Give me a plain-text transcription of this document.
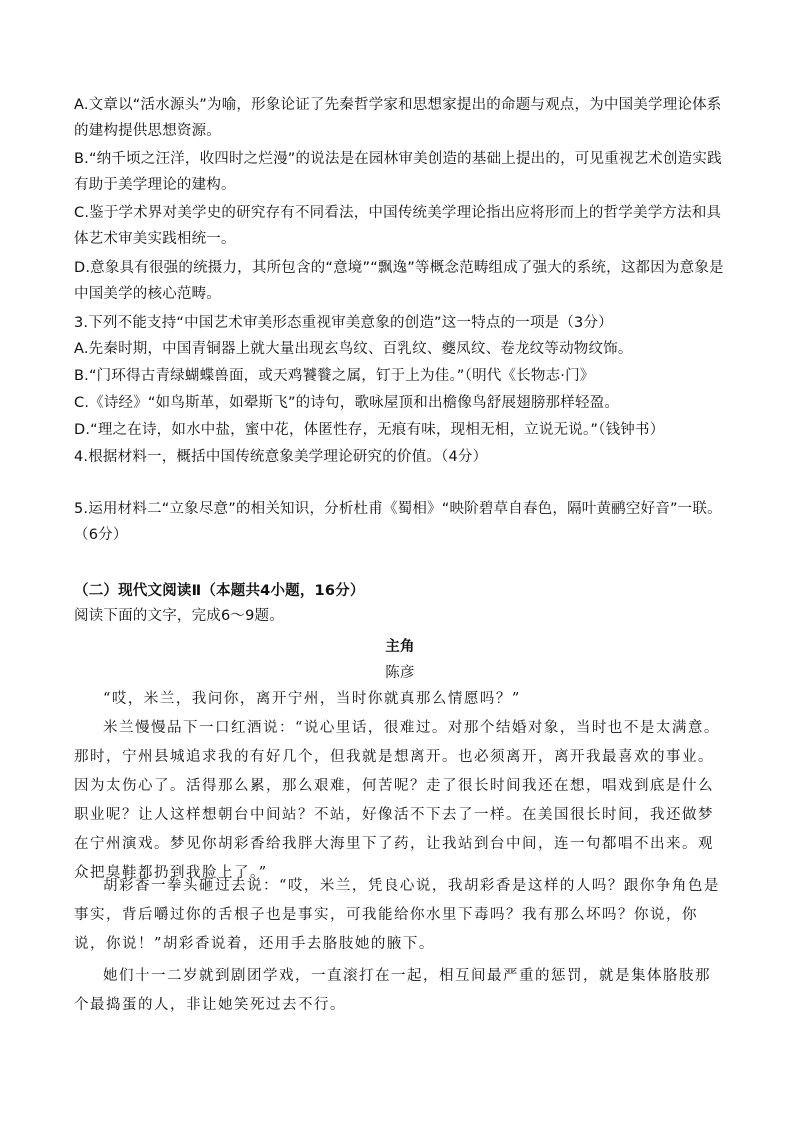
A.文章以“活水源头”为喻，形象论证了先秦哲学家和思想家提出的命题与观点，为中国美学理论体系的建构提供思想资源。

B.“纳千顷之汪洋，收四时之烂漫”的说法是在园林审美创造的基础上提出的，可见重视艺术创造实践有助于美学理论的建构。

C.鉴于学术界对美学史的研究存有不同看法，中国传统美学理论指出应将形而上的哲学美学方法和具体艺术审美实践相统一。

D.意象具有很强的统摄力，其所包含的“意境”“飘逸”等概念范畴组成了强大的系统，这都因为意象是中国美学的核心范畴。

3.下列不能支持“中国艺术审美形态重视审美意象的创造”这一特点的一项是（3分）

A.先秦时期，中国青铜器上就大量出现玄鸟纹、百乳纹、夔凤纹、卷龙纹等动物纹饰。

B.“门环得古青绿蝴蝶兽面，或天鸡饕餮之属，钉于上为佳。”（明代《长物志·门》

C.《诗经》“如鸟斯革，如翚斯飞”的诗句，歌咏屋顶和出檐像鸟舒展翅膀那样轻盈。

D.“理之在诗，如水中盐，蜜中花，体匿性存，无痕有味，现相无相，立说无说。”（钱钟书）

4.根据材料一，概括中国传统意象美学理论研究的价值。（4分）

5.运用材料二“立象尽意”的相关知识，分析杜甫《蜀相》“映阶碧草自春色，隔叶黄鹂空好音”一联。（6分）

（二）现代文阅读Ⅱ（本题共4小题，16分）

阅读下面的文字，完成6～9题。

主角

陈彦

“哎，米兰，我问你，离开宁州，当时你就真那么情愿吗？”

米兰慢慢品下一口红酒说：“说心里话，很难过。对那个结婚对象，当时也不是太满意。那时，宁州县城追求我的有好几个，但我就是想离开。也必须离开，离开我最喜欢的事业。因为太伤心了。活得那么累，那么艰难，何苦呢？走了很长时间我还在想，唱戏到底是什么职业呢？让人这样想朝台中间站？不站，好像活不下去了一样。在美国很长时间，我还做梦在宁州演戏。梦见你胡彩香给我胖大海里下了药，让我站到台中间，连一句都唱不出来。观众把臭鞋都扔到我脸上了。”

胡彩香一拳头砸过去说：“哎，米兰，凭良心说，我胡彩香是这样的人吗？跟你争角色是事实，背后嚼过你的舌根子也是事实，可我能给你水里下毒吗？我有那么坏吗？你说，你说，你说！”胡彩香说着，还用手去胳肢她的腋下。

她们十一二岁就到剧团学戏，一直滚打在一起，相互间最严重的惩罚，就是集体胳肢那个最捣蛋的人，非让她笑死过去不行。
